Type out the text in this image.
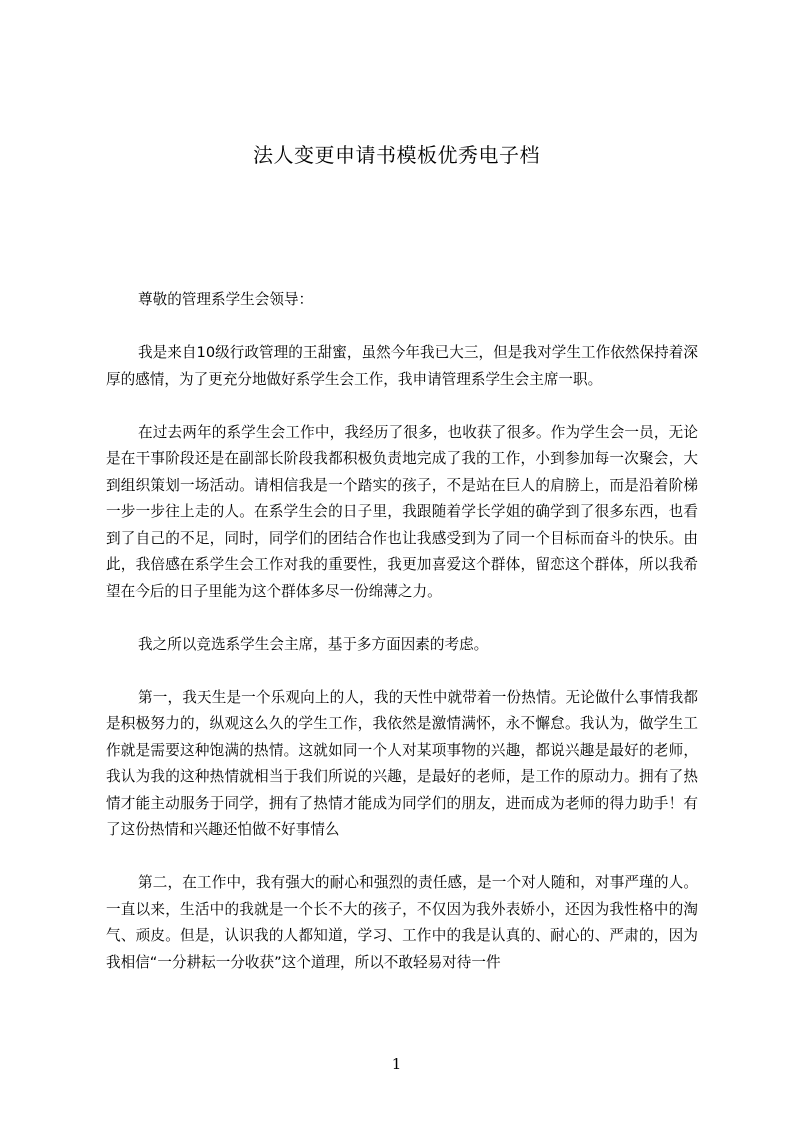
法人变更申请书模板优秀电子档

尊敬的管理系学生会领导：

我是来自10级行政管理的王甜蜜，虽然今年我已大三，但是我对学生工作依然保持着深厚的感情，为了更充分地做好系学生会工作，我申请管理系学生会主席一职。

在过去两年的系学生会工作中，我经历了很多，也收获了很多。作为学生会一员，无论是在干事阶段还是在副部长阶段我都积极负责地完成了我的工作，小到参加每一次聚会，大到组织策划一场活动。请相信我是一个踏实的孩子，不是站在巨人的肩膀上，而是沿着阶梯一步一步往上走的人。在系学生会的日子里，我跟随着学长学姐的确学到了很多东西，也看到了自己的不足，同时，同学们的团结合作也让我感受到为了同一个目标而奋斗的快乐。由此，我倍感在系学生会工作对我的重要性，我更加喜爱这个群体，留恋这个群体，所以我希望在今后的日子里能为这个群体多尽一份绵薄之力。

我之所以竞选系学生会主席，基于多方面因素的考虑。

第一，我天生是一个乐观向上的人，我的天性中就带着一份热情。无论做什么事情我都是积极努力的，纵观这么久的学生工作，我依然是激情满怀，永不懈怠。我认为，做学生工作就是需要这种饱满的热情。这就如同一个人对某项事物的兴趣，都说兴趣是最好的老师，我认为我的这种热情就相当于我们所说的兴趣，是最好的老师，是工作的原动力。拥有了热情才能主动服务于同学，拥有了热情才能成为同学们的朋友，进而成为老师的得力助手！有了这份热情和兴趣还怕做不好事情么

第二，在工作中，我有强大的耐心和强烈的责任感，是一个对人随和，对事严瑾的人。一直以来，生活中的我就是一个长不大的孩子，不仅因为我外表娇小，还因为我性格中的淘气、顽皮。但是，认识我的人都知道，学习、工作中的我是认真的、耐心的、严肃的，因为我相信“一分耕耘一分收获”这个道理，所以不敢轻易对待一件

1
